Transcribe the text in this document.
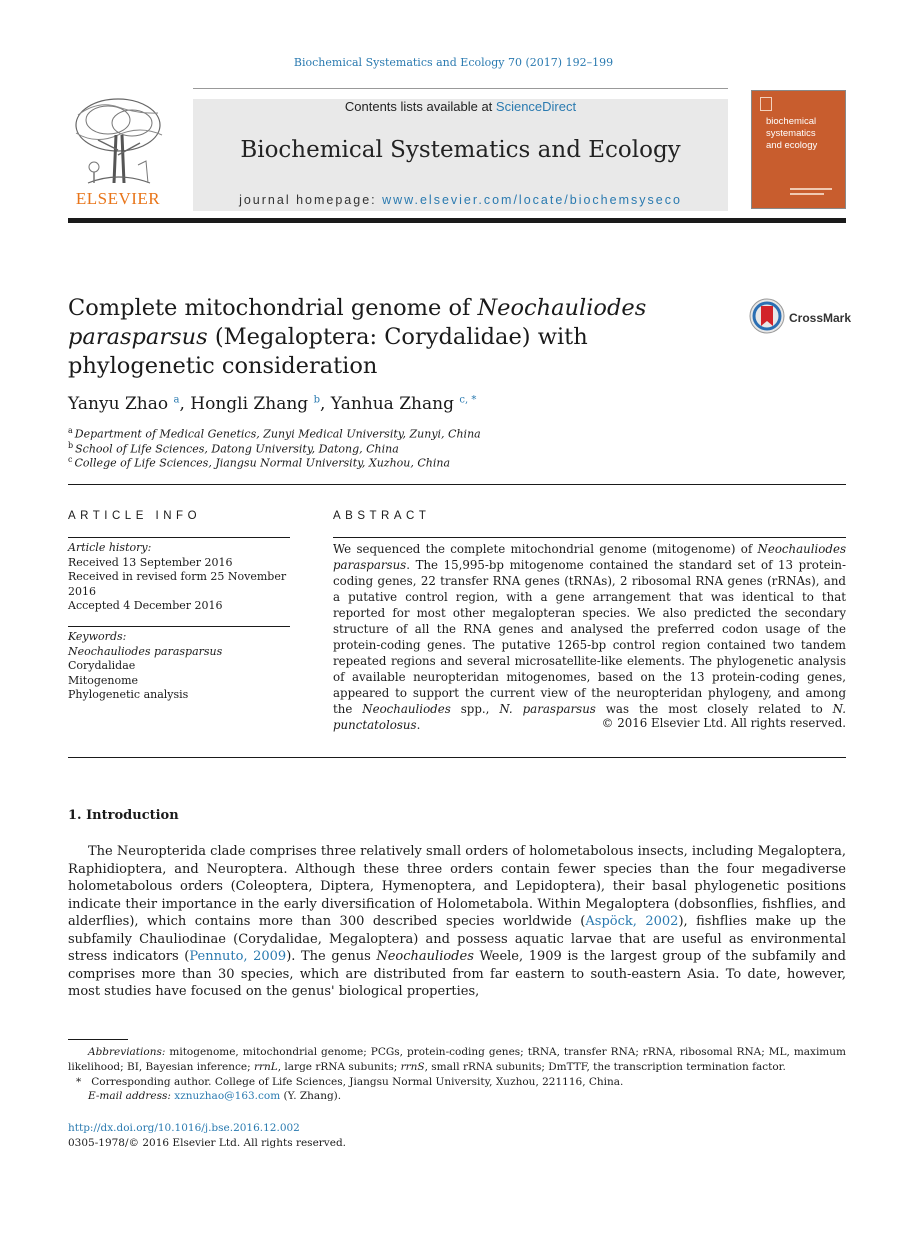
Biochemical Systematics and Ecology 70 (2017) 192–199
ELSEVIER
Contents lists available at ScienceDirect
Biochemical Systematics and Ecology
journal homepage: www.elsevier.com/locate/biochemsyseco
biochemical
systematics
and ecology
Complete mitochondrial genome of Neochauliodes parasparsus (Megaloptera: Corydalidae) with phylogenetic consideration
CrossMark
Yanyu Zhao $^a$, Hongli Zhang $^b$, Yanhua Zhang $^{c, *}$
$^a$ Department of Medical Genetics, Zunyi Medical University, Zunyi, China
$^b$ School of Life Sciences, Datong University, Datong, China
$^c$ College of Life Sciences, Jiangsu Normal University, Xuzhou, China
ARTICLE INFO
Article history:
Received 13 September 2016
Received in revised form 25 November 2016
Accepted 4 December 2016
Keywords:
Neochauliodes parasparsus
Corydalidae
Mitogenome
Phylogenetic analysis
ABSTRACT
We sequenced the complete mitochondrial genome (mitogenome) of Neochauliodes parasparsus. The 15,995-bp mitogenome contained the standard set of 13 protein-coding genes, 22 transfer RNA genes (tRNAs), 2 ribosomal RNA genes (rRNAs), and a putative control region, with a gene arrangement that was identical to that reported for most other megalopteran species. We also predicted the secondary structure of all the RNA genes and analysed the preferred codon usage of the protein-coding genes. The putative 1265-bp control region contained two tandem repeated regions and several microsatellite-like elements. The phylogenetic analysis of available neuropteridan mitogenomes, based on the 13 protein-coding genes, appeared to support the current view of the neuropteridan phylogeny, and among the Neochauliodes spp., N. parasparsus was the most closely related to N. punctatolosus.	© 2016 Elsevier Ltd. All rights reserved.
1. Introduction
The Neuropterida clade comprises three relatively small orders of holometabolous insects, including Megaloptera, Raphidioptera, and Neuroptera. Although these three orders contain fewer species than the four megadiverse holometabolous orders (Coleoptera, Diptera, Hymenoptera, and Lepidoptera), their basal phylogenetic positions indicate their importance in the early diversification of Holometabola. Within Megaloptera (dobsonflies, fishflies, and alderflies), which contains more than 300 described species worldwide (Aspöck, 2002), fishflies make up the subfamily Chauliodinae (Corydalidae, Megaloptera) and possess aquatic larvae that are useful as environmental stress indicators (Pennuto, 2009). The genus Neochauliodes Weele, 1909 is the largest group of the subfamily and comprises more than 30 species, which are distributed from far eastern to south-eastern Asia. To date, however, most studies have focused on the genus' biological properties,
Abbreviations: mitogenome, mitochondrial genome; PCGs, protein-coding genes; tRNA, transfer RNA; rRNA, ribosomal RNA; ML, maximum likelihood; BI, Bayesian inference; rrnL, large rRNA subunits; rrnS, small rRNA subunits; DmTTF, the transcription termination factor.
* Corresponding author. College of Life Sciences, Jiangsu Normal University, Xuzhou, 221116, China.
E-mail address: xznuzhao@163.com (Y. Zhang).
http://dx.doi.org/10.1016/j.bse.2016.12.002
0305-1978/© 2016 Elsevier Ltd. All rights reserved.
